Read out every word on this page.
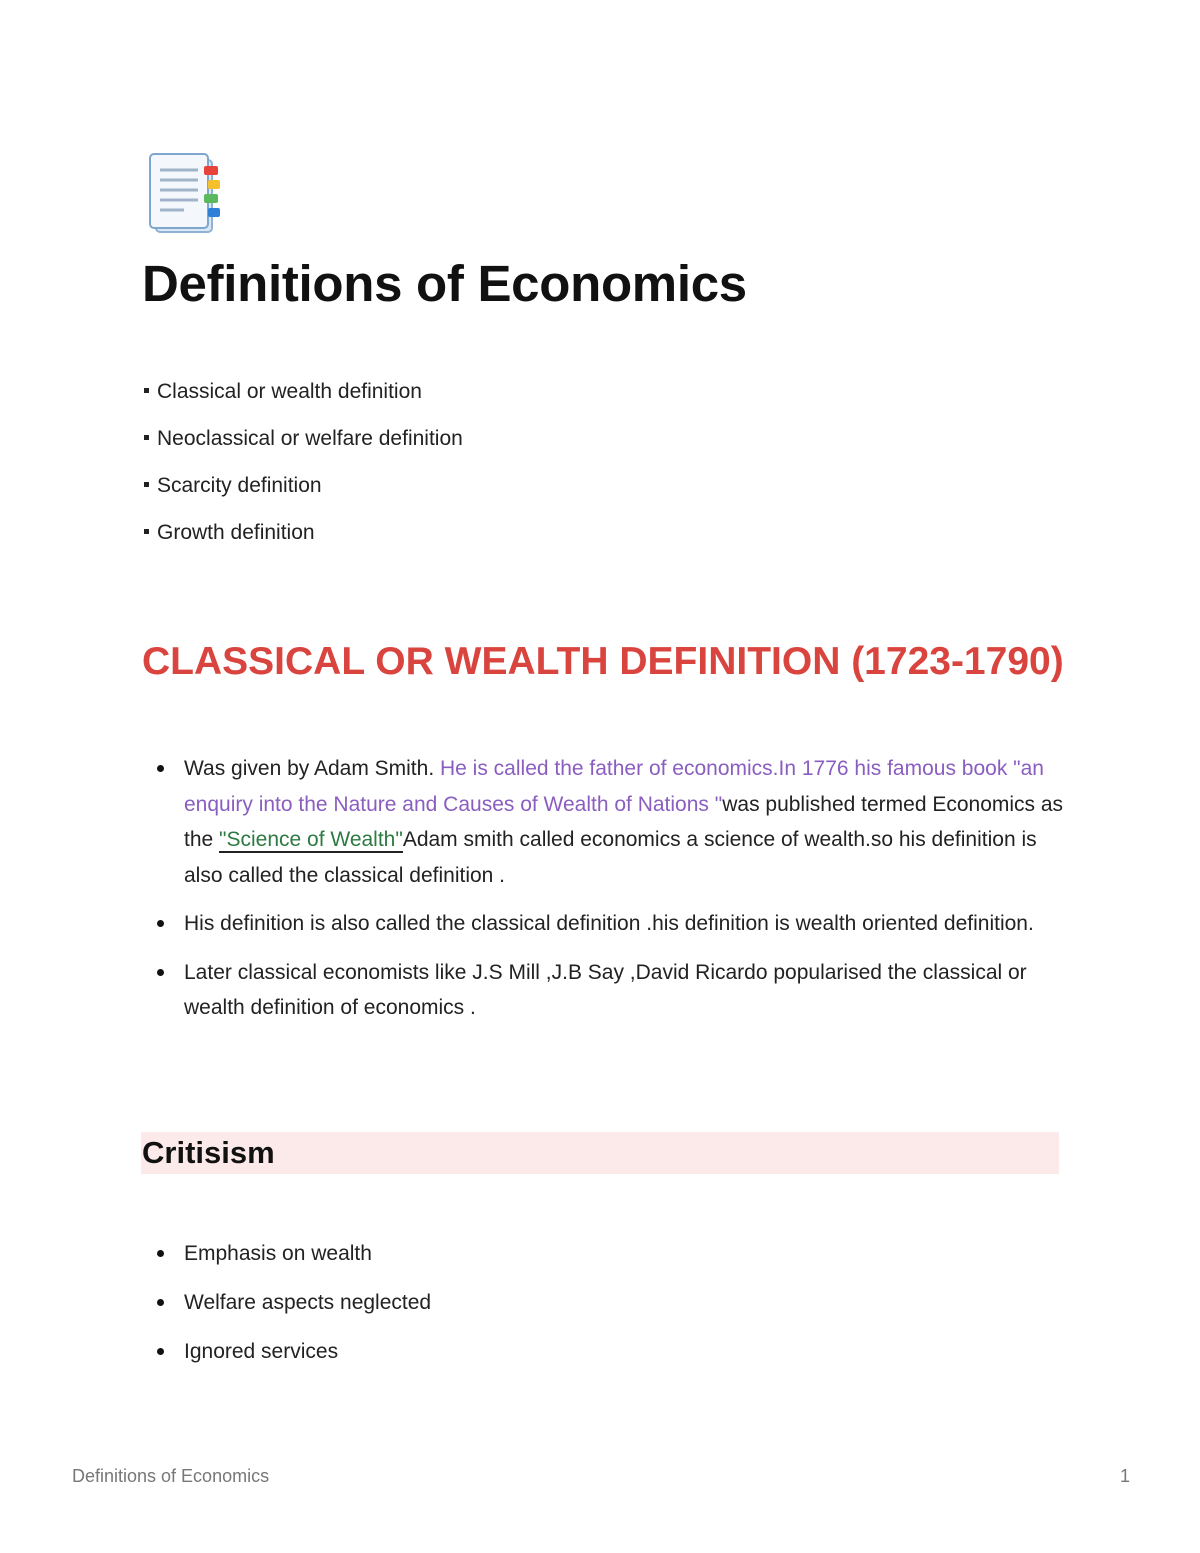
Definitions of Economics
Classical or wealth definition
Neoclassical or welfare definition
Scarcity definition
Growth definition
CLASSICAL OR WEALTH DEFINITION (1723-1790)
Was given by Adam Smith. He is called the father of economics.In 1776 his famous book "an enquiry into the Nature and Causes of Wealth of Nations "was published termed Economics as the "Science of Wealth"Adam smith called economics a science of wealth.so his definition is also called the classical definition .
His definition is also called the classical definition .his definition is wealth oriented definition.
Later classical economists like J.S Mill ,J.B Say ,David Ricardo popularised the classical or wealth definition of economics .
Critisism
Emphasis on wealth
Welfare aspects neglected
Ignored services
Definitions of Economics	1
